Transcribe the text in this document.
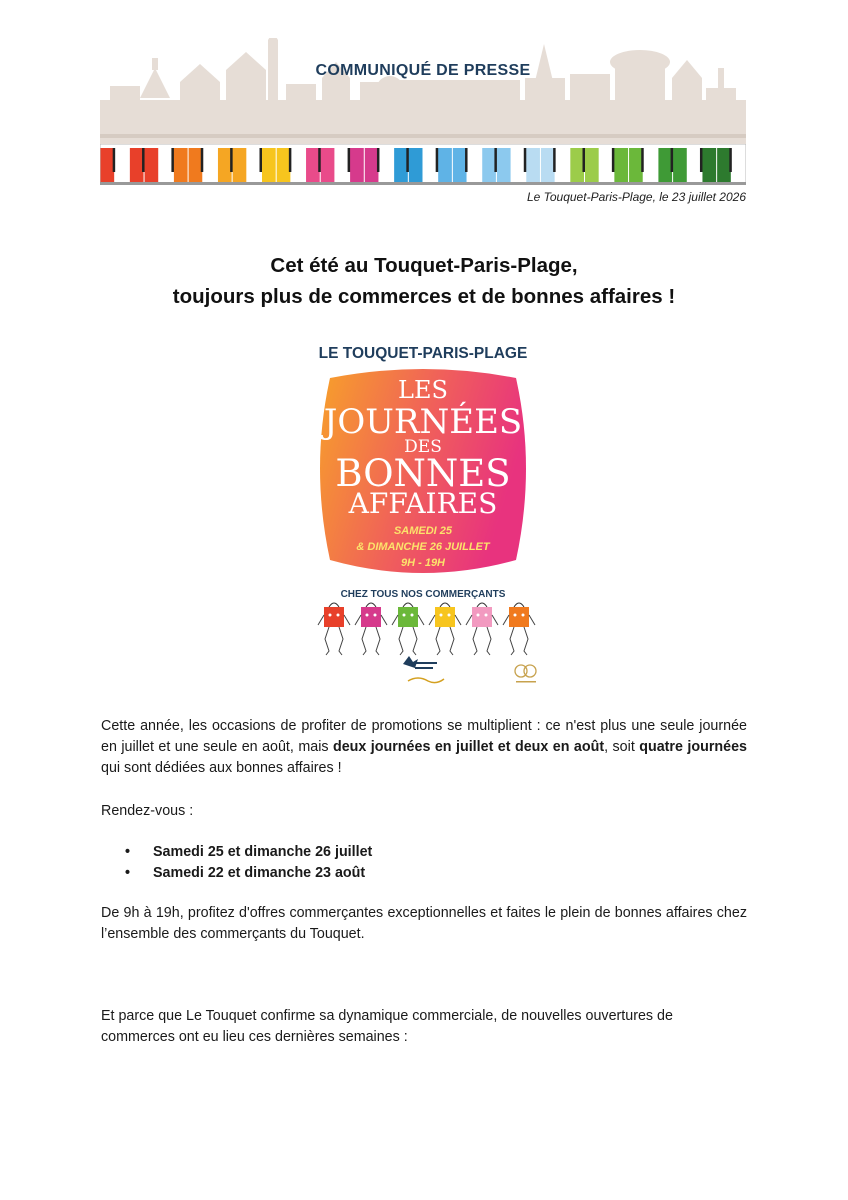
COMMUNIQUÉ DE PRESSE
Le Touquet-Paris-Plage, le 23 juillet 2026
Cet été au Touquet-Paris-Plage,
toujours plus de commerces et de bonnes affaires !
LE TOUQUET-PARIS-PLAGE
LES
JOURNÉES
DES
BONNES
AFFAIRES
SAMEDI 25
& DIMANCHE 26 JUILLET
9H - 19H
CHEZ TOUS NOS COMMERÇANTS
Cette année, les occasions de profiter de promotions se multiplient : ce n'est plus une seule journée en juillet et une seule en août, mais deux journées en juillet et deux en août, soit quatre journées qui sont dédiées aux bonnes affaires !
Rendez-vous :
• Samedi 25 et dimanche 26 juillet
• Samedi 22 et dimanche 23 août
De 9h à 19h, profitez d'offres commerçantes exceptionnelles et faites le plein de bonnes affaires chez l’ensemble des commerçants du Touquet.
Et parce que Le Touquet confirme sa dynamique commerciale, de nouvelles ouvertures de commerces ont eu lieu ces dernières semaines :
